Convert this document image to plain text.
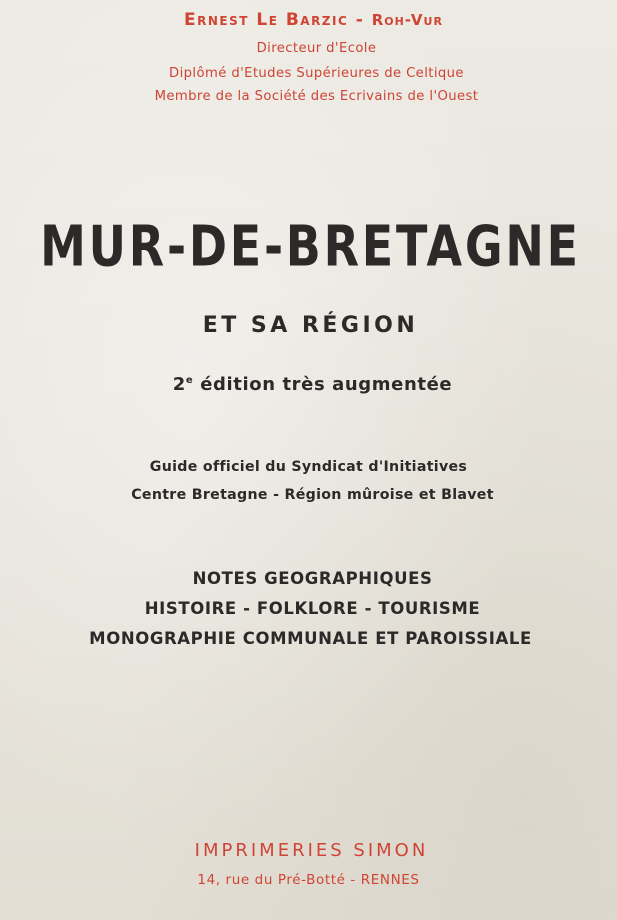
Ernest Le Barzic - Roh-Vur

Directeur d'Ecole

Diplômé d'Etudes Supérieures de Celtique

Membre de la Société des Ecrivains de l'Ouest

MUR-DE-BRETAGNE

ET SA RÉGION

2e édition très augmentée

Guide officiel du Syndicat d'Initiatives

Centre Bretagne - Région mûroise et Blavet

NOTES GEOGRAPHIQUES

HISTOIRE - FOLKLORE - TOURISME

MONOGRAPHIE COMMUNALE ET PAROISSIALE

IMPRIMERIES SIMON

14, rue du Pré-Botté - RENNES
